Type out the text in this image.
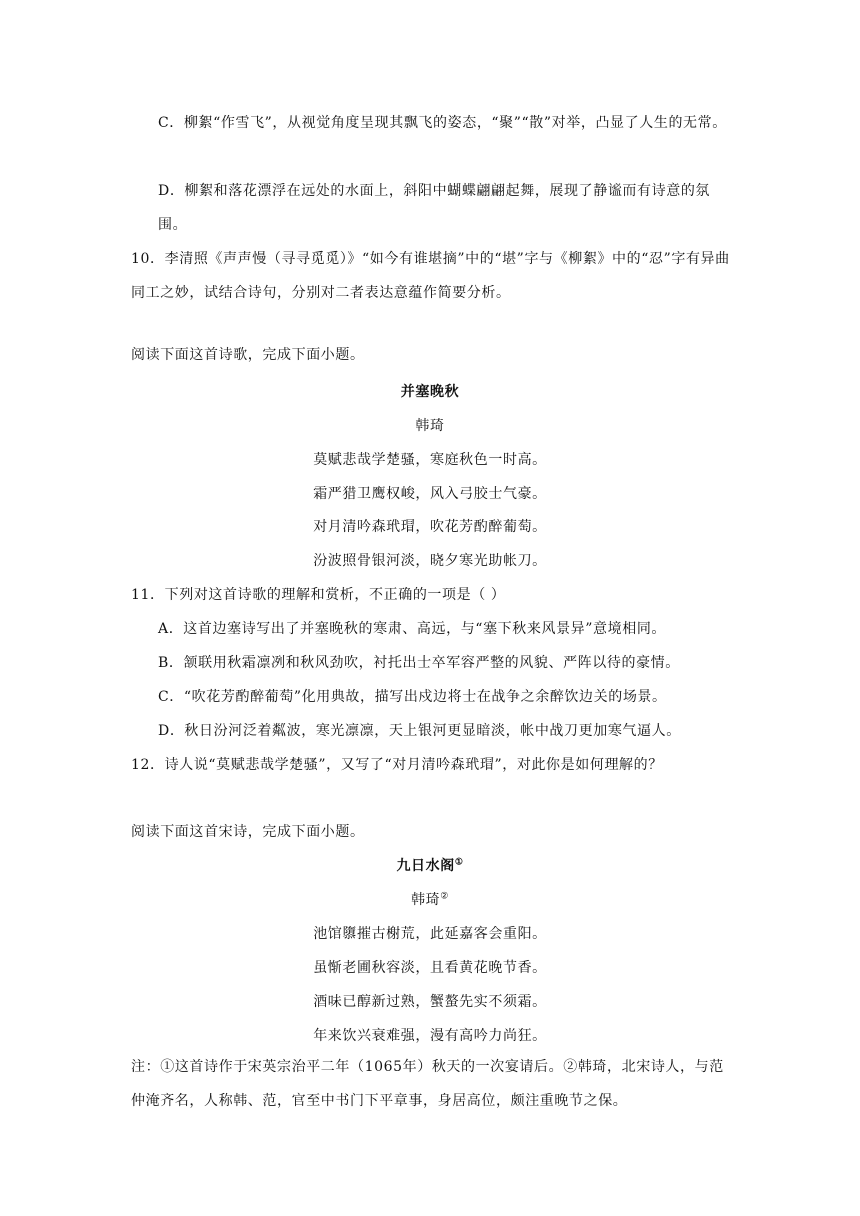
C．柳絮“作雪飞”，从视觉角度呈现其飘飞的姿态，“聚”“散”对举，凸显了人生的无常。
D．柳絮和落花漂浮在远处的水面上，斜阳中蝴蝶翩翩起舞，展现了静谧而有诗意的氛围。
10．李清照《声声慢（寻寻觅觅）》“如今有谁堪摘”中的“堪”字与《柳絮》中的“忍”字有异曲同工之妙，试结合诗句，分别对二者表达意蕴作简要分析。
阅读下面这首诗歌，完成下面小题。
并塞晚秋
韩琦
莫赋悲哉学楚骚，寒庭秋色一时高。
霜严猎卫鹰权峻，风入弓胶士气豪。
对月清吟森玳瑁，吹花芳酌醉葡萄。
汾波照骨银河淡，晓夕寒光助帐刀。
11．下列对这首诗歌的理解和赏析，不正确的一项是（ ）
A．这首边塞诗写出了并塞晚秋的寒肃、高远，与“塞下秋来风景异”意境相同。
B．颔联用秋霜凛冽和秋风劲吹，衬托出士卒军容严整的风貌、严阵以待的豪情。
C．“吹花芳酌醉葡萄”化用典故，描写出戍边将士在战争之余醉饮边关的场景。
D．秋日汾河泛着粼波，寒光凛凛，天上银河更显暗淡，帐中战刀更加寒气逼人。
12．诗人说“莫赋悲哉学楚骚”，又写了“对月清吟森玳瑁”，对此你是如何理解的？
阅读下面这首宋诗，完成下面小题。
九日水阁①
韩琦②
池馆隳摧古榭荒，此延嘉客会重阳。
虽惭老圃秋容淡，且看黄花晚节香。
酒味已醇新过熟，蟹螯先实不须霜。
年来饮兴衰难强，漫有高吟力尚狂。
注：①这首诗作于宋英宗治平二年（1065年）秋天的一次宴请后。②韩琦，北宋诗人，与范仲淹齐名，人称韩、范，官至中书门下平章事，身居高位，颇注重晚节之保。
